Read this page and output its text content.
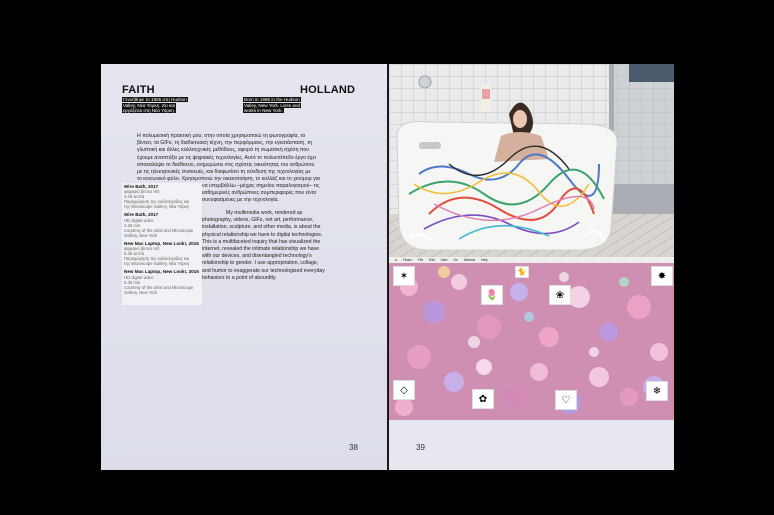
FAITH	HOLLAND
Γεννήθηκε το 1985 στη Hudson
Valley, Νέα Υόρκη. Ζει και
εργάζεται στη Νέα Υόρκη.
Born in 1985 in the Hudson
Valley, New York. Lives and
works in New York.
Η πολυμεσική πρακτική μου, στην οποία χρησιμοποιώ τη φωτογραφία, το
βίντεο, τα GIFs, τη διαδικτυακή τέχνη, την περφόρμανς, την εγκατάσταση, τη
γλυπτική και άλλες καλλιτεχνικές μεθόδους, αφορά τη σωματική σχέση που
έχουμε αναπτύξει με τις ψηφιακές τεχνολογίες. Αυτό το πολυεπίπεδο έργο έχει
αποκαλύψει το διαδίκτυο, ενημερώσει στις σχέσεις οικειότητας του ανθρώπου
με τις ηλεκτρονικές συσκευές, και διαφωτίσει τη σύνδεση της τεχνολογίας με
το κοινωνικό φύλο. Χρησιμοποιώ την οικειοποίηση, το κολλάζ και το χιούμορ για
να υπερβάλλω –μέχρις σημείου παραλογισμού– τις
καθημερινές ανθρώπινες συμπεριφορές που είναι
συνυφασμένες με την τεχνολογία.
My multimedia work, rendered as
photography, videos, GIFs, net art, performance,
installation, sculpture, and other media, is about the
physical relationship we have to digital technologies.
This is a multifaceted inquiry that has visualized the
internet, revealed the intimate relationship we have
with our devices, and disentangled technology's
relationship to gender. I use appropriation, collage,
and humor to exaggerate our technologized everyday
behaviors to a point of absurdity.
Wire Bath, 2017
ψηφιακό βίντεο HD
4.26 λεπτά
Παραχώρηση της καλλιτέχνιδας και
της Microscope Gallery, Νέα Υόρκη
Wire Bath, 2017
HD digital video
4.26 min
Courtesy of the artist and Microscope
Gallery, New York
New Mac Laptop, New Look!, 2016
ψηφιακό βίντεο HD
5.35 λεπτά
Παραχώρηση της καλλιτέχνιδας και
της Microscope Gallery, Νέα Υόρκη
New Mac Laptop, New Look!, 2016
HD digital video
5.35 min
Courtesy of the artist and Microscope
Gallery, New York
38
● Finder File Edit View Go Window Help
✶	🐈	✸
🌷	❀
◇
✿	♡
❄
39
